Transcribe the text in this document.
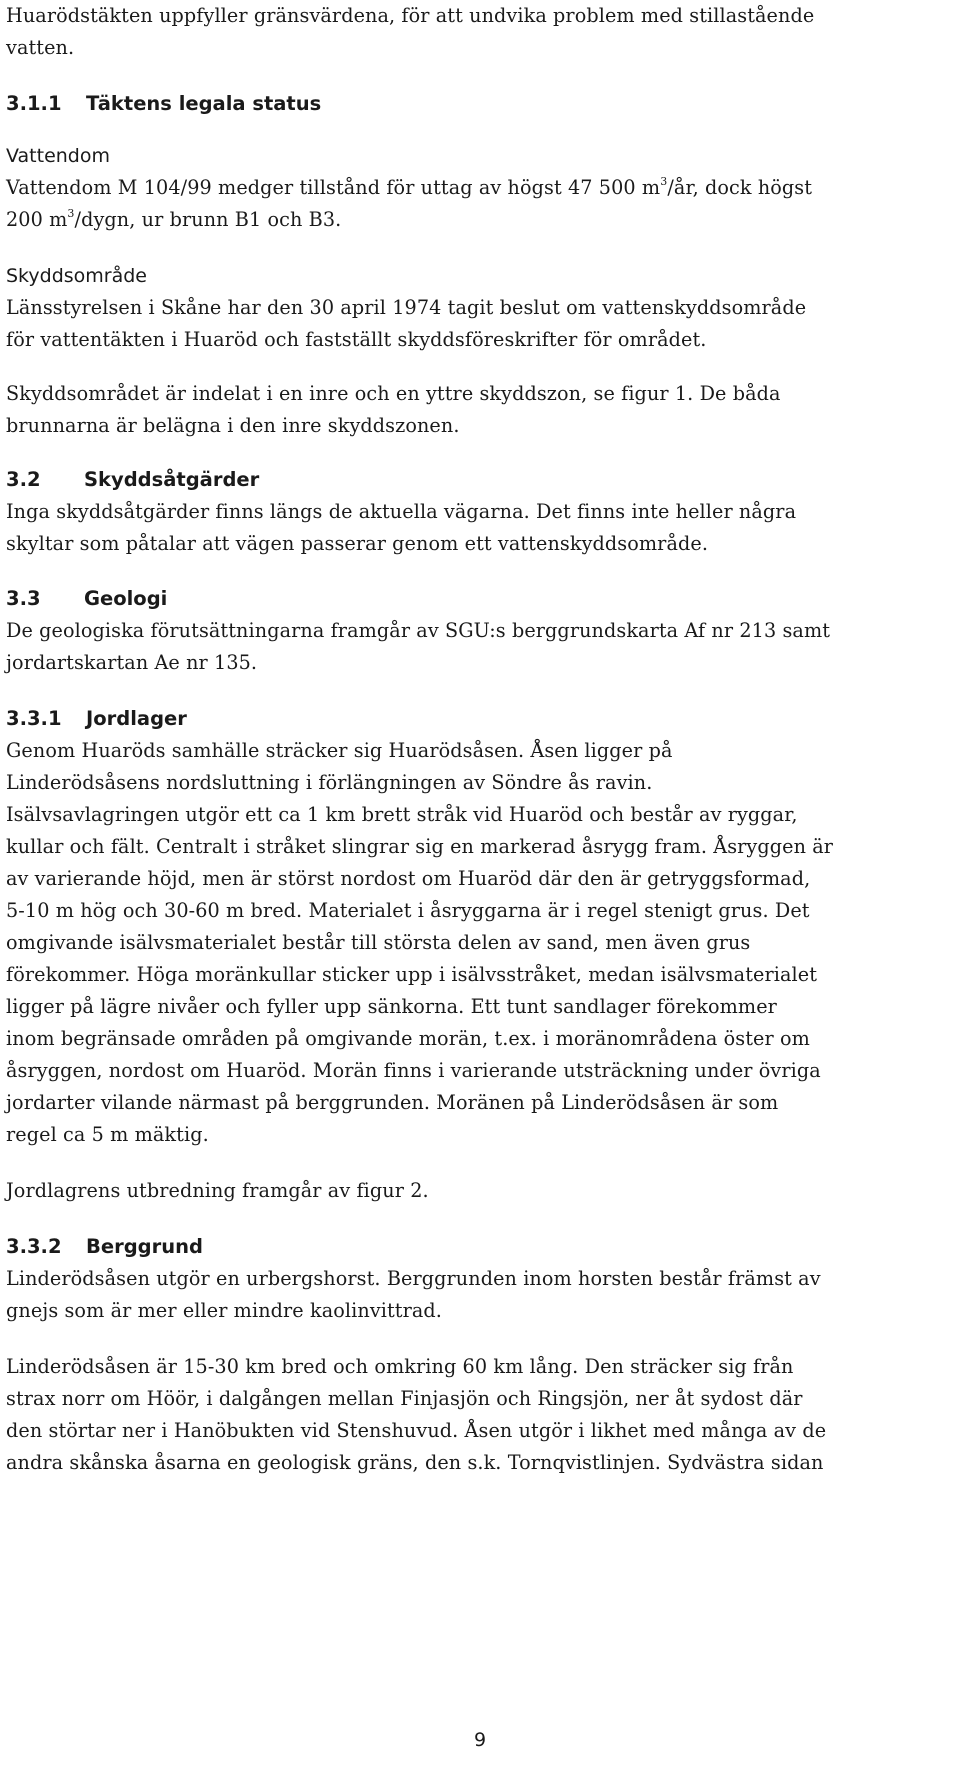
Huarödstäkten uppfyller gränsvärdena, för att undvika problem med stillastående
vatten.

3.1.1	Täktens legala status

Vattendom

Vattendom M 104/99 medger tillstånd för uttag av högst 47 500 $m^3/år$, dock högst
200 $m^3$/dygn, ur brunn B1 och B3.

Skyddsområde

Länsstyrelsen i Skåne har den 30 april 1974 tagit beslut om vattenskyddsområde
för vattentäkten i Huaröd och fastställt skyddsföreskrifter för området.

Skyddsområdet är indelat i en inre och en yttre skyddszon, se figur 1. De båda
brunnarna är belägna i den inre skyddszonen.

3.2	Skyddsåtgärder

Inga skyddsåtgärder finns längs de aktuella vägarna. Det finns inte heller några
skyltar som påtalar att vägen passerar genom ett vattenskyddsområde.

3.3	Geologi

De geologiska förutsättningarna framgår av SGU:s berggrundskarta Af nr 213 samt
jordartskartan Ae nr 135.

3.3.1	Jordlager

Genom Huaröds samhälle sträcker sig Huarödsåsen. Åsen ligger på
Linderödsåsens nordsluttning i förlängningen av Söndre ås ravin.
Isälvsavlagringen utgör ett ca 1 km brett stråk vid Huaröd och består av ryggar,
kullar och fält. Centralt i stråket slingrar sig en markerad åsrygg fram. Åsryggen är
av varierande höjd, men är störst nordost om Huaröd där den är getryggsformad,
5-10 m hög och 30-60 m bred. Materialet i åsryggarna är i regel stenigt grus. Det
omgivande isälvsmaterialet består till största delen av sand, men även grus
förekommer. Höga moränkullar sticker upp i isälvsstråket, medan isälvsmaterialet
ligger på lägre nivåer och fyller upp sänkorna. Ett tunt sandlager förekommer
inom begränsade områden på omgivande morän, t.ex. i moränområdena öster om
åsryggen, nordost om Huaröd. Morän finns i varierande utsträckning under övriga
jordarter vilande närmast på berggrunden. Moränen på Linderödsåsen är som
regel ca 5 m mäktig.

Jordlagrens utbredning framgår av figur 2.

3.3.2	Berggrund

Linderödsåsen utgör en urbergshorst. Berggrunden inom horsten består främst av
gnejs som är mer eller mindre kaolinvittrad.

Linderödsåsen är 15-30 km bred och omkring 60 km lång. Den sträcker sig från
strax norr om Höör, i dalgången mellan Finjasjön och Ringsjön, ner åt sydost där
den störtar ner i Hanöbukten vid Stenshuvud. Åsen utgör i likhet med många av de
andra skånska åsarna en geologisk gräns, den s.k. Tornqvistlinjen. Sydvästra sidan

9
